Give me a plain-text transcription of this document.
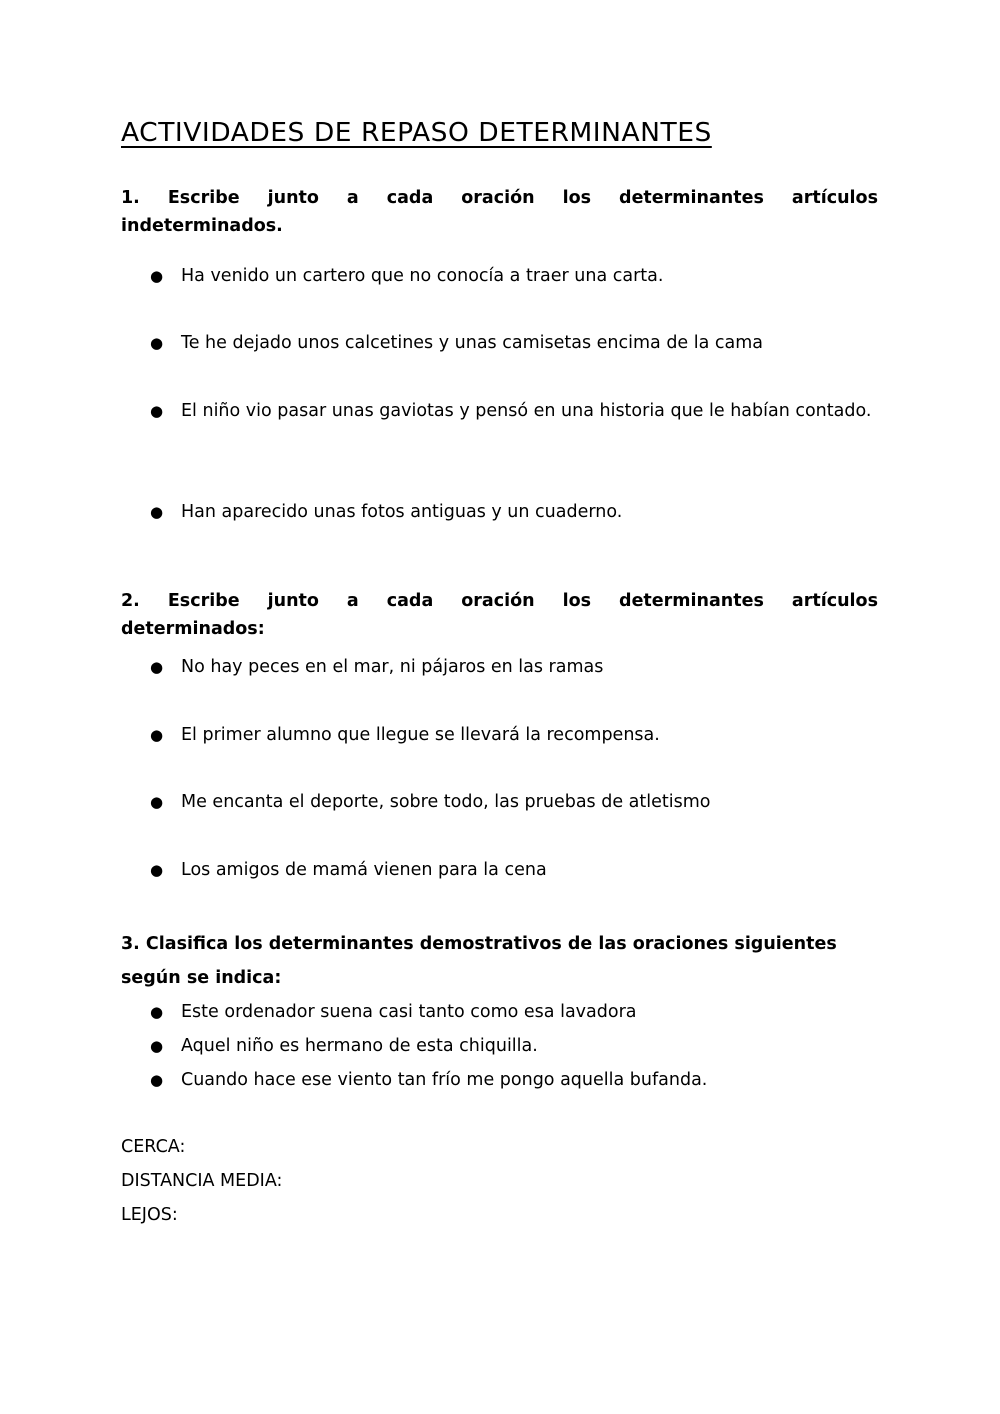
ACTIVIDADES DE REPASO DETERMINANTES
1. Escribe junto a cada oración los determinantes artículos
indeterminados.
●	Ha venido un cartero que no conocía a traer una carta.
●	Te he dejado unos calcetines y unas camisetas encima de la cama
●	El niño vio pasar unas gaviotas y pensó en una historia que le habían contado.
●	Han aparecido unas fotos antiguas y un cuaderno.
2. Escribe junto a cada oración los determinantes artículos
determinados:
●	No hay peces en el mar, ni pájaros en las ramas
●	El primer alumno que llegue se llevará la recompensa.
●	Me encanta el deporte, sobre todo, las pruebas de atletismo
●	Los amigos de mamá vienen para la cena
3. Clasifica los determinantes demostrativos de las oraciones siguientes
según se indica:
●	Este ordenador suena casi tanto como esa lavadora
●	Aquel niño es hermano de esta chiquilla.
●	Cuando hace ese viento tan frío me pongo aquella bufanda.
CERCA:
DISTANCIA MEDIA:
LEJOS:
